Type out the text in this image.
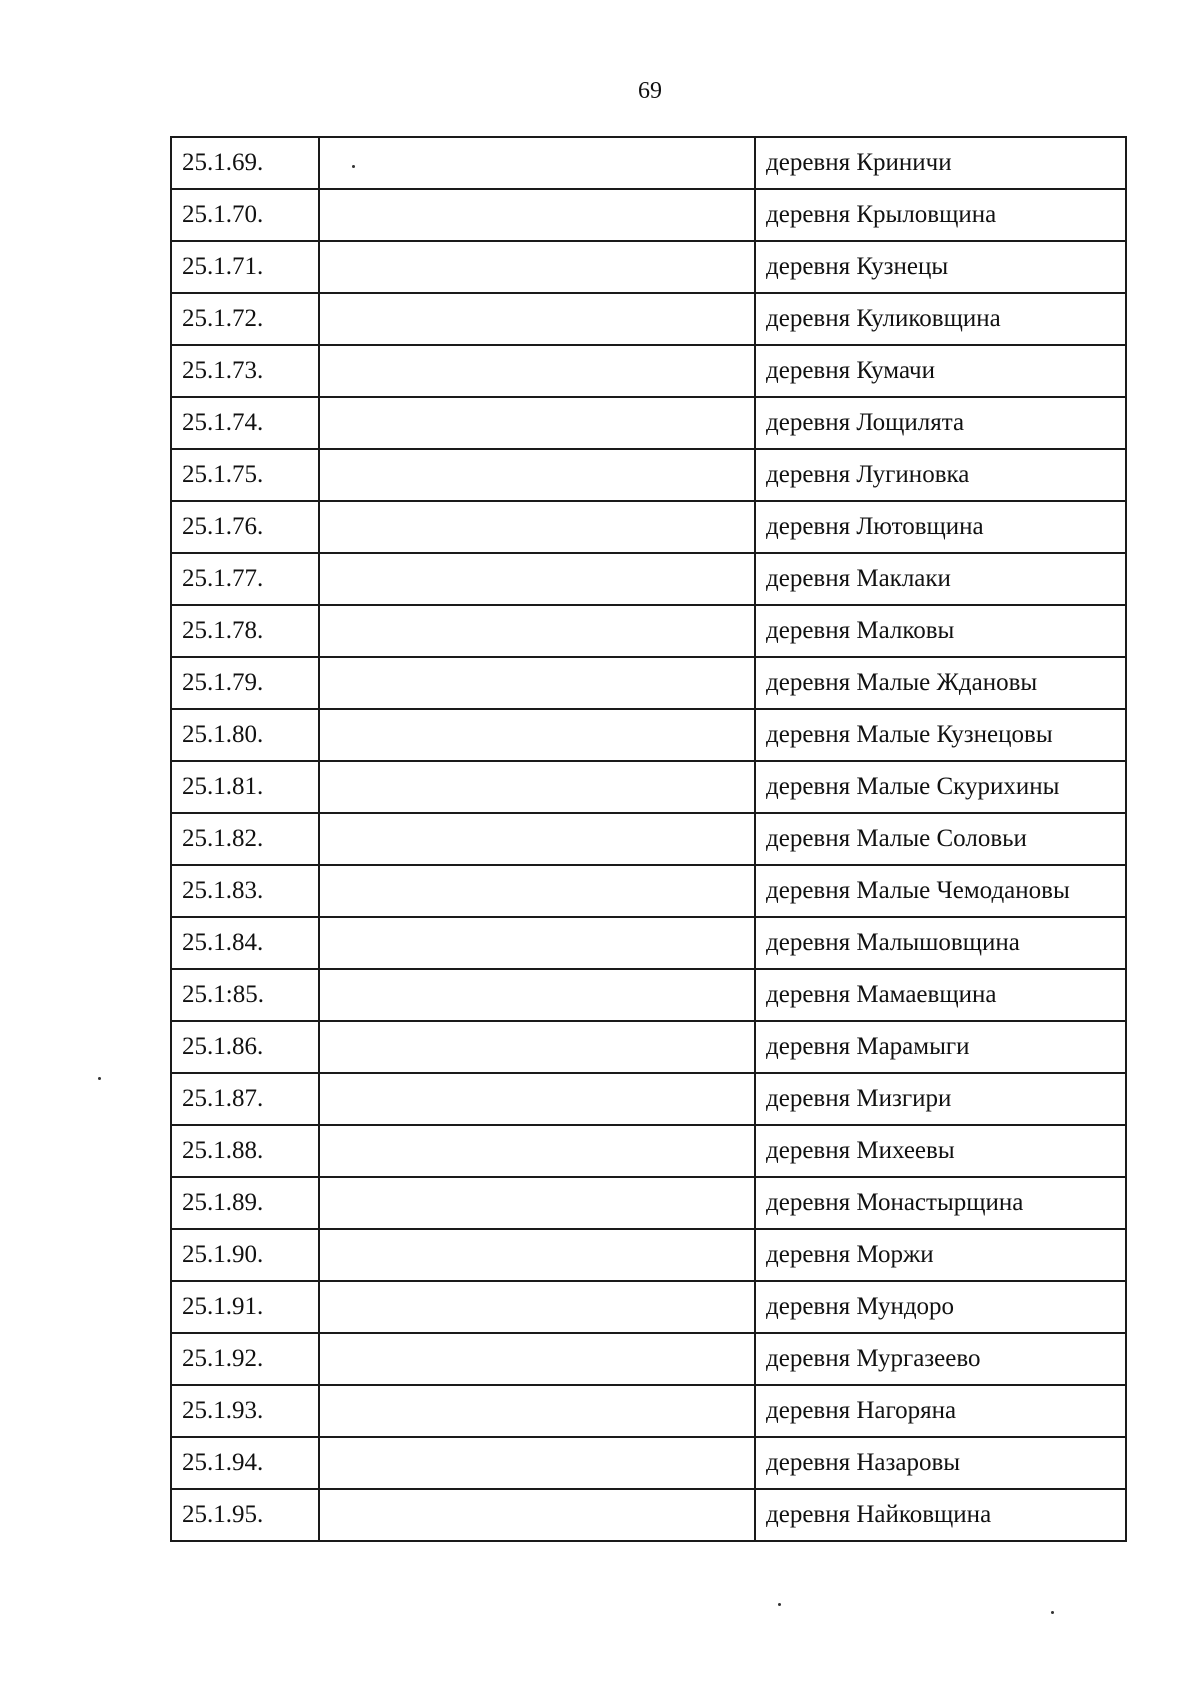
69
25.1.69.		деревня Криничи
25.1.70.		деревня Крыловщина
25.1.71.		деревня Кузнецы
25.1.72.		деревня Куликовщина
25.1.73.		деревня Кумачи
25.1.74.		деревня Лощилята
25.1.75.		деревня Лугиновка
25.1.76.		деревня Лютовщина
25.1.77.		деревня Маклаки
25.1.78.		деревня Малковы
25.1.79.		деревня Малые Ждановы
25.1.80.		деревня Малые Кузнецовы
25.1.81.		деревня Малые Скурихины
25.1.82.		деревня Малые Соловьи
25.1.83.		деревня Малые Чемодановы
25.1.84.		деревня Малышовщина
25.1:85.		деревня Мамаевщина
25.1.86.		деревня Марамыги
25.1.87.		деревня Мизгири
25.1.88.		деревня Михеевы
25.1.89.		деревня Монастырщина
25.1.90.		деревня Моржи
25.1.91.		деревня Мундоро
25.1.92.		деревня Мургазеево
25.1.93.		деревня Нагоряна
25.1.94.		деревня Назаровы
25.1.95.		деревня Найковщина
